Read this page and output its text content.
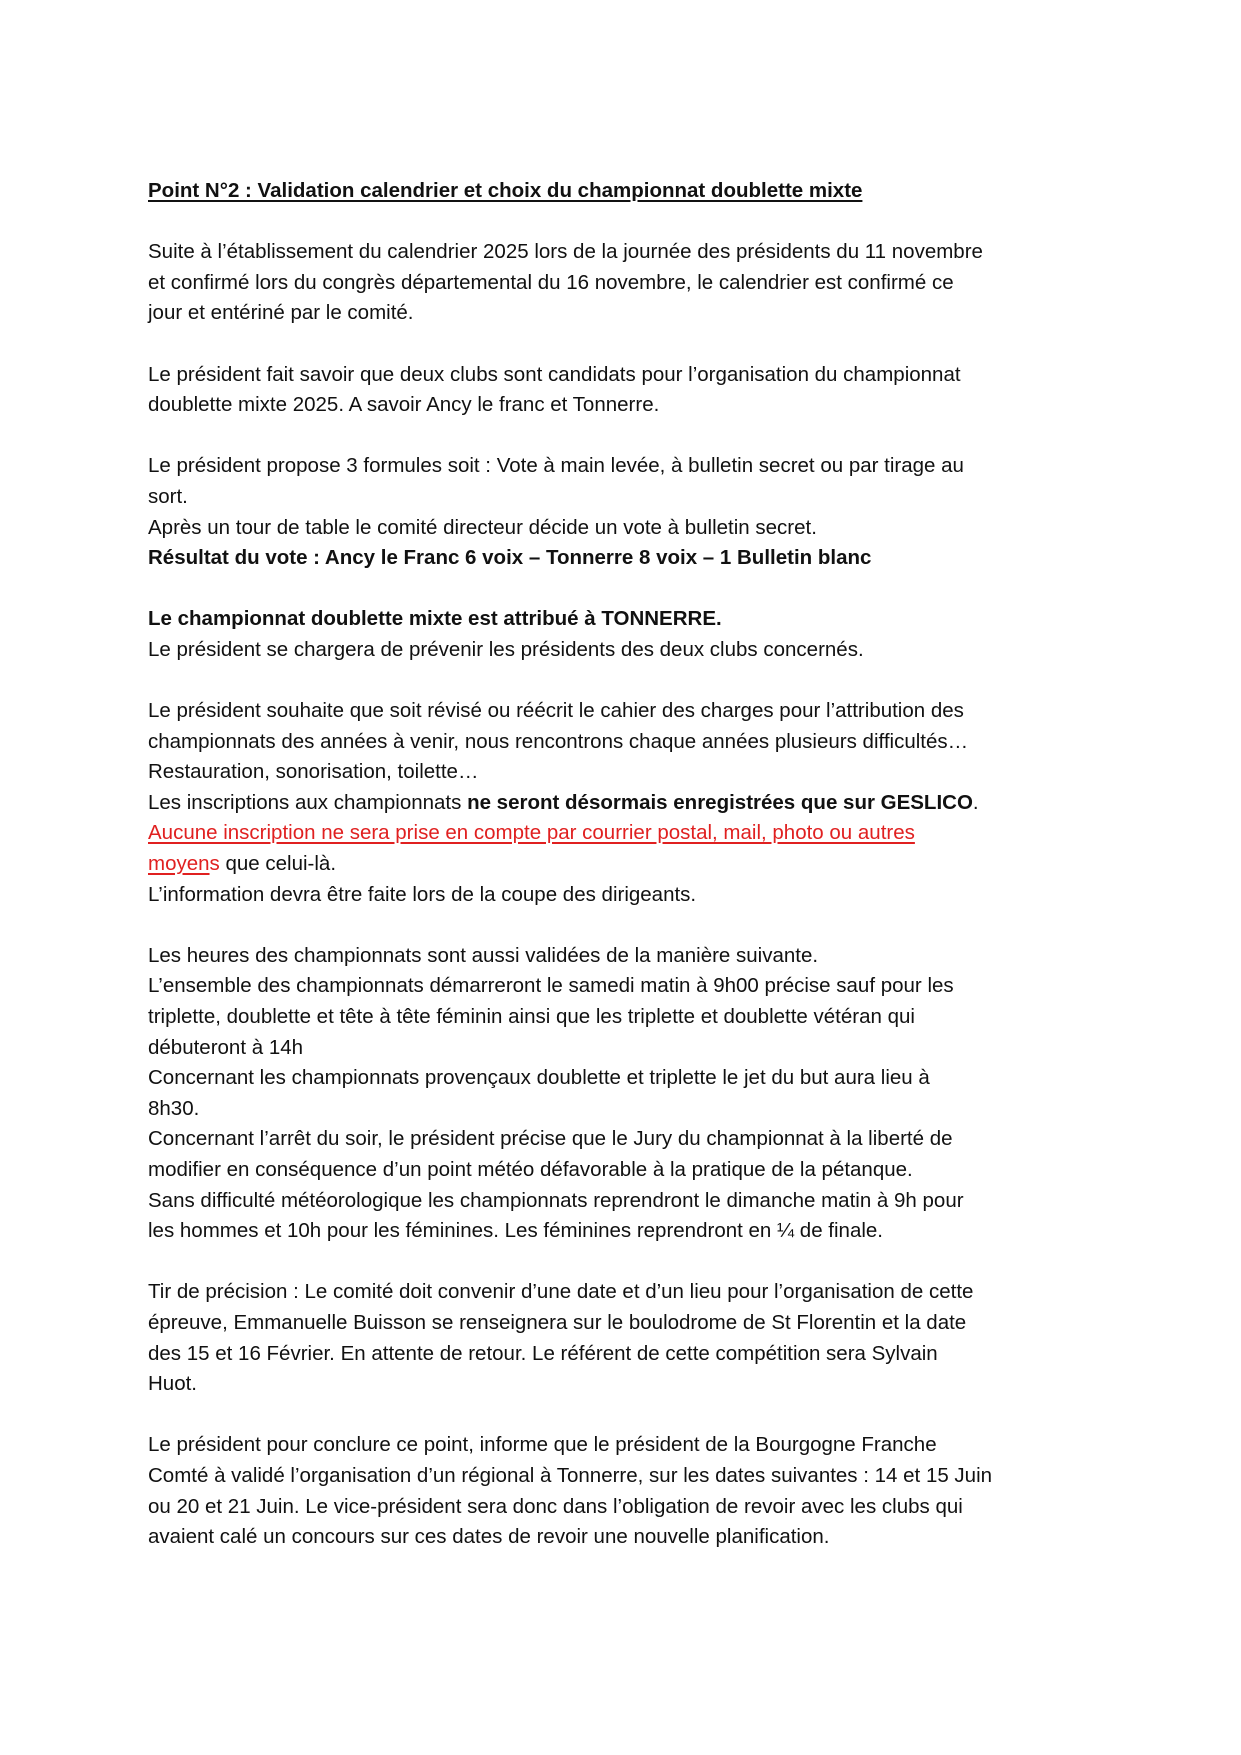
Point N°2 : Validation calendrier et choix du championnat doublette mixte
Suite à l’établissement du calendrier 2025 lors de la journée des présidents du 11 novembre
et confirmé lors du congrès départemental du 16 novembre, le calendrier est confirmé ce
jour et entériné par le comité.
Le président fait savoir que deux clubs sont candidats pour l’organisation du championnat
doublette mixte 2025. A savoir Ancy le franc et Tonnerre.
Le président propose 3 formules soit : Vote à main levée, à bulletin secret ou par tirage au
sort.
Après un tour de table le comité directeur décide un vote à bulletin secret.
Résultat du vote : Ancy le Franc 6 voix – Tonnerre 8 voix – 1 Bulletin blanc
Le championnat doublette mixte est attribué à TONNERRE.
Le président se chargera de prévenir les présidents des deux clubs concernés.
Le président souhaite que soit révisé ou réécrit le cahier des charges pour l’attribution des
championnats des années à venir, nous rencontrons chaque années plusieurs difficultés…
Restauration, sonorisation, toilette…
Les inscriptions aux championnats ne seront désormais enregistrées que sur GESLICO.
Aucune inscription ne sera prise en compte par courrier postal, mail, photo ou autres
moyens que celui-là.
L’information devra être faite lors de la coupe des dirigeants.
Les heures des championnats sont aussi validées de la manière suivante.
L’ensemble des championnats démarreront le samedi matin à 9h00 précise sauf pour les
triplette, doublette et tête à tête féminin ainsi que les triplette et doublette vétéran qui
débuteront à 14h
Concernant les championnats provençaux doublette et triplette le jet du but aura lieu à
8h30.
Concernant l’arrêt du soir, le président précise que le Jury du championnat à la liberté de
modifier en conséquence d’un point météo défavorable à la pratique de la pétanque.
Sans difficulté météorologique les championnats reprendront le dimanche matin à 9h pour
les hommes et 10h pour les féminines. Les féminines reprendront en ¼ de finale.
Tir de précision : Le comité doit convenir d’une date et d’un lieu pour l’organisation de cette
épreuve, Emmanuelle Buisson se renseignera sur le boulodrome de St Florentin et la date
des 15 et 16 Février. En attente de retour. Le référent de cette compétition sera Sylvain
Huot.
Le président pour conclure ce point, informe que le président de la Bourgogne Franche
Comté à validé l’organisation d’un régional à Tonnerre, sur les dates suivantes : 14 et 15 Juin
ou 20 et 21 Juin. Le vice-président sera donc dans l’obligation de revoir avec les clubs qui
avaient calé un concours sur ces dates de revoir une nouvelle planification.
